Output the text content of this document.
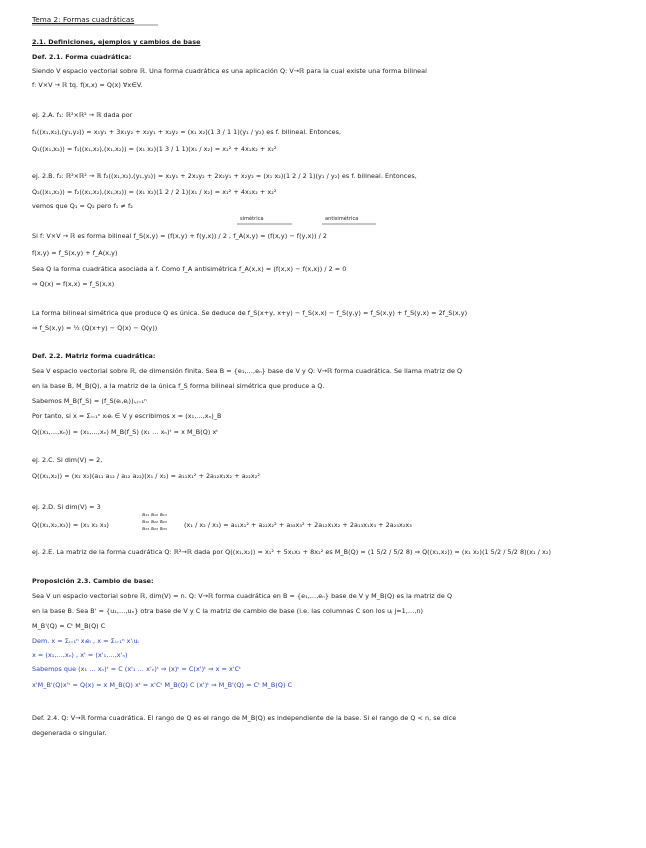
Tema 2: Formas cuadráticas
2.1. Definiciones, ejemplos y cambios de base
Def. 2.1. Forma cuadrática:
Siendo V espacio vectorial sobre ℝ. Una forma cuadrática es una aplicación Q: V→ℝ para la cual existe una forma bilineal
f: V×V → ℝ tq. f(x,x) = Q(x) ∀x∈V.
ej. 2.A. f₁: ℝ²×ℝ² → ℝ dada por
f₁((x₁,x₂),(y₁,y₂)) = x₁y₁ + 3x₁y₂ + x₂y₁ + x₂y₂ = (x₁ x₂)(1 3 / 1 1)(y₁ / y₂) es f. bilineal. Entonces,
Q₁((x₁,x₂)) = f₁((x₁,x₂),(x₁,x₂)) = (x₁ x₂)(1 3 / 1 1)(x₁ / x₂) = x₁² + 4x₁x₂ + x₂²
ej. 2.B. f₂: ℝ²×ℝ² → ℝ f₂((x₁,x₂),(y₁,y₂)) = x₁y₁ + 2x₁y₂ + 2x₂y₁ + x₂y₂ = (x₁ x₂)(1 2 / 2 1)(y₁ / y₂) es f. bilineal. Entonces,
Q₂((x₁,x₂)) = f₂((x₁,x₂),(x₁,x₂)) = (x₁ x₂)(1 2 / 2 1)(x₁ / x₂) = x₁² + 4x₁x₂ + x₂²
vemos que Q₁ = Q₂ pero f₁ ≠ f₂
simétrica	antisimétrica
Si f: V×V → ℝ es forma bilineal f_S(x,y) = (f(x,y) + f(y,x)) / 2 , f_A(x,y) = (f(x,y) − f(y,x)) / 2
f(x,y) = f_S(x,y) + f_A(x,y)
Sea Q la forma cuadrática asociada a f. Como f_A antisimétrica f_A(x,x) = (f(x,x) − f(x,x)) / 2 = 0
⇒ Q(x) = f(x,x) = f_S(x,x)
La forma bilineal simétrica que produce Q es única. Se deduce de f_S(x+y, x+y) − f_S(x,x) − f_S(y,y) = f_S(x,y) + f_S(y,x) = 2f_S(x,y)
⇒ f_S(x,y) = ½ (Q(x+y) − Q(x) − Q(y))
Def. 2.2. Matriz forma cuadrática:
Sea V espacio vectorial sobre ℝ, de dimensión finita. Sea B = {e₁,…,eₙ} base de V y Q: V→ℝ forma cuadrática. Se llama matriz de Q
en la base B, M_B(Q), a la matriz de la única f_S forma bilineal simétrica que produce a Q.
Sabemos M_B(f_S) = (f_S(eᵢ,eⱼ))ᵢ,ⱼ₌₁ⁿ
Por tanto, si x = Σᵢ₌₁ⁿ xᵢeᵢ ∈ V y escribimos x = (x₁,…,xₙ)_B
Q((x₁,…,xₙ)) = (x₁,…,xₙ) M_B(f_S) (x₁ … xₙ)ᵗ = x M_B(Q) xᵗ
ej. 2.C. Si dim(V) = 2,
Q((x₁,x₂)) = (x₁ x₂)(a₁₁ a₁₂ / a₁₂ a₂₂)(x₁ / x₂) = a₁₁x₁² + 2a₁₂x₁x₂ + a₂₂x₂²
ej. 2.D. Si dim(V) = 3
Q((x₁,x₂,x₃)) = (x₁ x₂ x₃)
a₁₁ a₁₂ a₁₃
a₁₂ a₂₂ a₂₃
a₁₃ a₂₃ a₃₃	(x₁ / x₂ / x₃) = a₁₁x₁² + a₂₂x₂² + a₃₃x₃² + 2a₁₂x₁x₂ + 2a₁₃x₁x₃ + 2a₂₃x₂x₃
ej. 2.E. La matriz de la forma cuadrática Q: ℝ²→ℝ dada por Q((x₁,x₂)) = x₁² + 5x₁x₂ + 8x₂² es M_B(Q) = (1 5/2 / 5/2 8) ⇒ Q((x₁,x₂)) = (x₁ x₂)(1 5/2 / 5/2 8)(x₁ / x₂)
Proposición 2.3. Cambio de base:
Sea V un espacio vectorial sobre ℝ, dim(V) = n. Q: V→ℝ forma cuadrática en B = {e₁,…,eₙ} base de V y M_B(Q) es la matriz de Q
en la base B. Sea B' = {u₁,…,uₙ} otra base de V y C la matriz de cambio de base (i.e. las columnas C son los uⱼ j=1,…,n)
M_B'(Q) = Cᵗ M_B(Q) C
Dem. x = Σᵢ₌₁ⁿ xᵢeᵢ , x = Σᵢ₌₁ⁿ x'ᵢuᵢ
x = (x₁,…,xₙ) , x' = (x'₁,…,x'ₙ)
Sabemos que (x₁ … xₙ)ᵗ = C (x'₁ … x'ₙ)ᵗ ⇒ (x)ᵗ = C(x')ᵗ ⇒ x = x'Cᵗ
x'M_B'(Q)x'ᵗ = Q(x) = x M_B(Q) xᵗ = x'Cᵗ M_B(Q) C (x')ᵗ ⇒ M_B'(Q) = Cᵗ M_B(Q) C
Def. 2.4. Q: V→ℝ forma cuadrática. El rango de Q es el rango de M_B(Q) es independiente de la base. Si el rango de Q < n, se dice
degenerada o singular.
